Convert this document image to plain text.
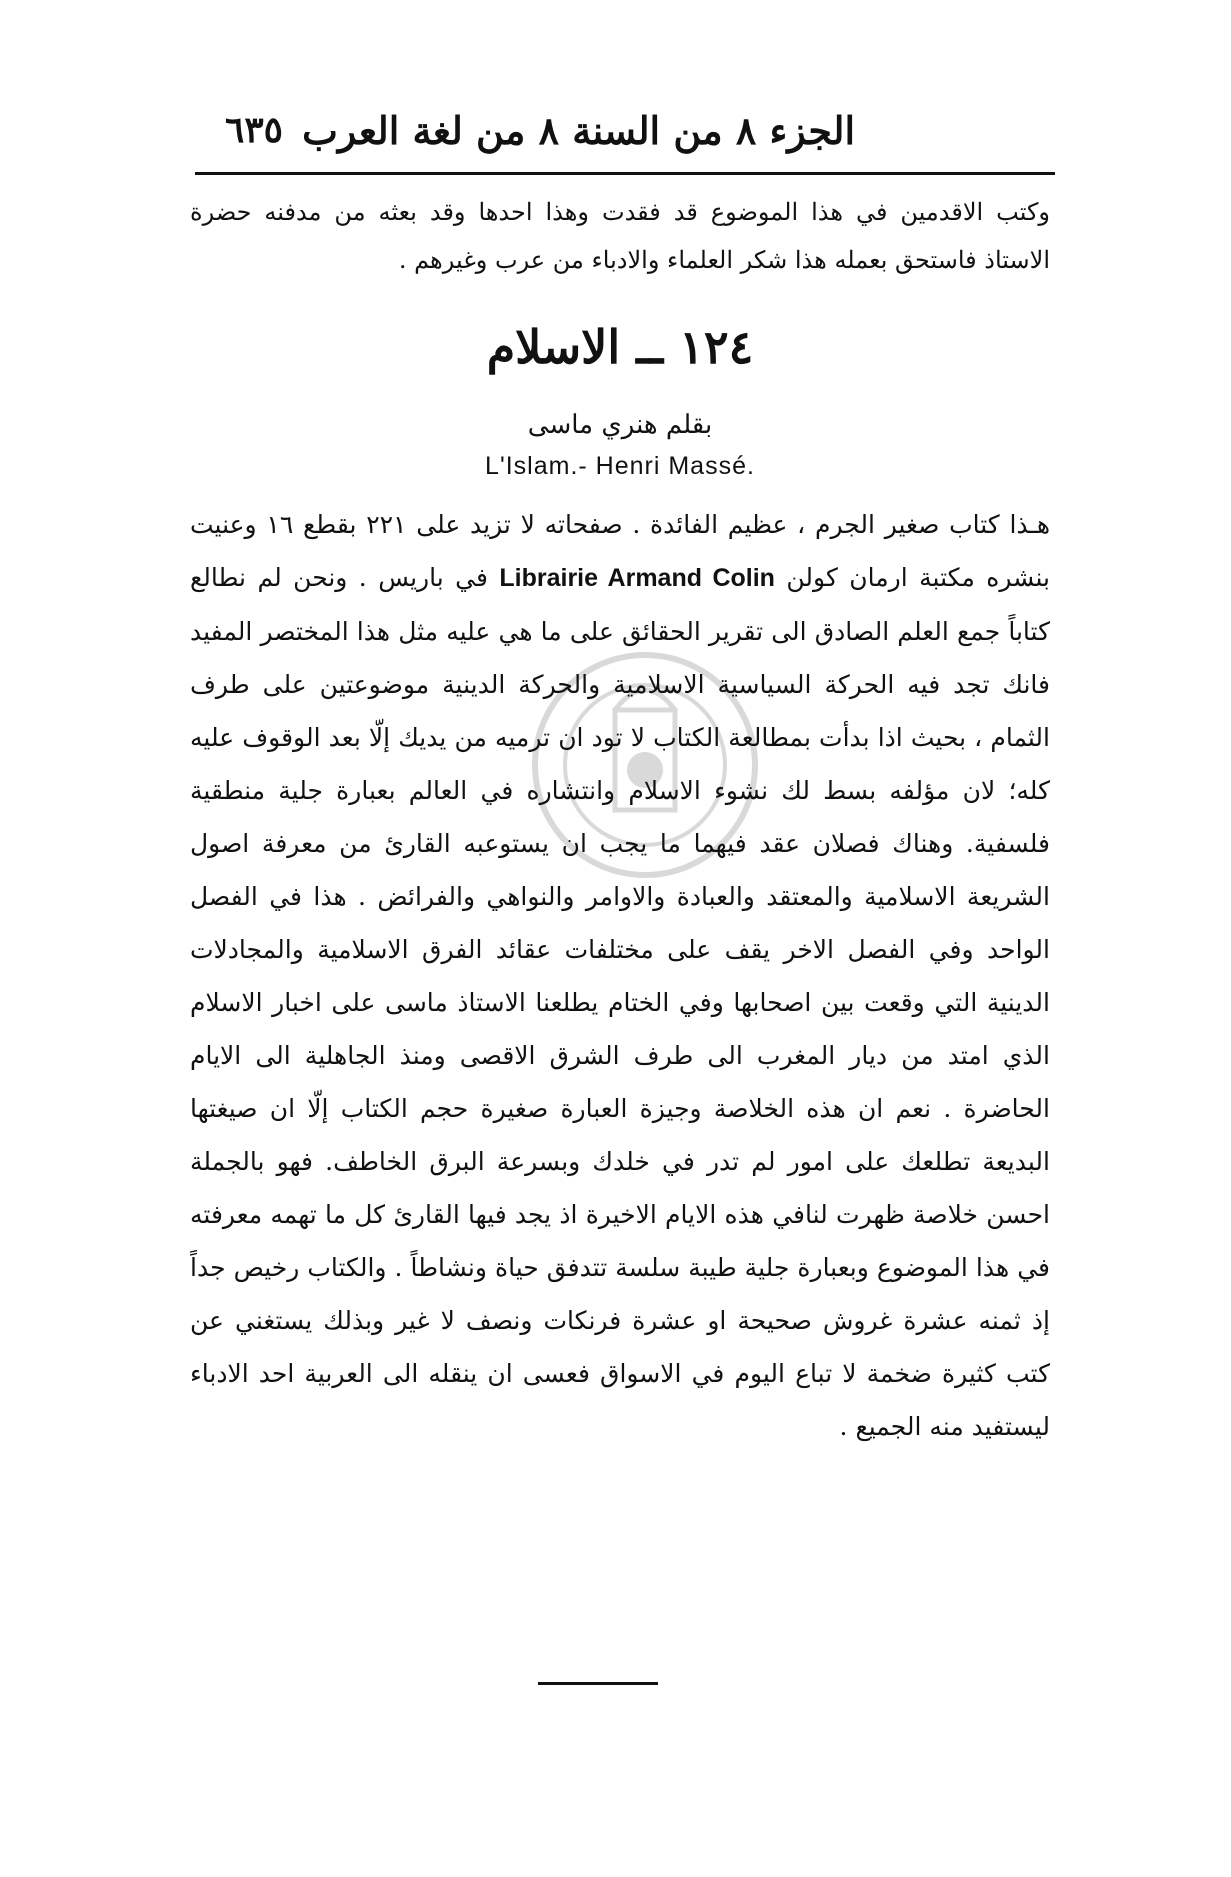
الجزء ٨ من السنة ٨ من لغة العرب
٦٣٥
وكتب الاقدمين في هذا الموضوع قد فقدت وهذا احدها وقد بعثه من مدفنه حضرة الاستاذ فاستحق بعمله هذا شكر العلماء والادباء من عرب وغيرهم .
١٢٤ ــ الاسلام
بقلم هنري ماسى
L'Islam.- Henri Massé.
هـذا كتاب صغير الجرم ، عظيم الفائدة . صفحاته لا تزيد على ٢٢١ بقطع ١٦ وعنيت بنشره مكتبة ارمان كولن Librairie Armand Colin في باريس . ونحن لم نطالع كتاباً جمع العلم الصادق الى تقرير الحقائق على ما هي عليه مثل هذا المختصر المفيد فانك تجد فيه الحركة السياسية الاسلامية والحركة الدينية موضوعتين على طرف الثمام ، بحيث اذا بدأت بمطالعة الكتاب لا تود ان ترميه من يديك إلّا بعد الوقوف عليه كله؛ لان مؤلفه بسط لك نشوء الاسلام وانتشاره في العالم بعبارة جلية منطقية فلسفية. وهناك فصلان عقد فيهما ما يجب ان يستوعبه القارئ من معرفة اصول الشريعة الاسلامية والمعتقد والعبادة والاوامر والنواهي والفرائض . هذا في الفصل الواحد وفي الفصل الاخر يقف على مختلفات عقائد الفرق الاسلامية والمجادلات الدينية التي وقعت بين اصحابها وفي الختام يطلعنا الاستاذ ماسى على اخبار الاسلام الذي امتد من ديار المغرب الى طرف الشرق الاقصى ومنذ الجاهلية الى الايام الحاضرة . نعم ان هذه الخلاصة وجيزة العبارة صغيرة حجم الكتاب إلّا ان صيغتها البديعة تطلعك على امور لم تدر في خلدك وبسرعة البرق الخاطف. فهو بالجملة احسن خلاصة ظهرت لنافي هذه الايام الاخيرة اذ يجد فيها القارئ كل ما تهمه معرفته في هذا الموضوع وبعبارة جلية طيبة سلسة تتدفق حياة ونشاطاً . والكتاب رخيص جداً إذ ثمنه عشرة غروش صحيحة او عشرة فرنكات ونصف لا غير وبذلك يستغني عن كتب كثيرة ضخمة لا تباع اليوم في الاسواق فعسى ان ينقله الى العربية احد الادباء ليستفيد منه الجميع .
